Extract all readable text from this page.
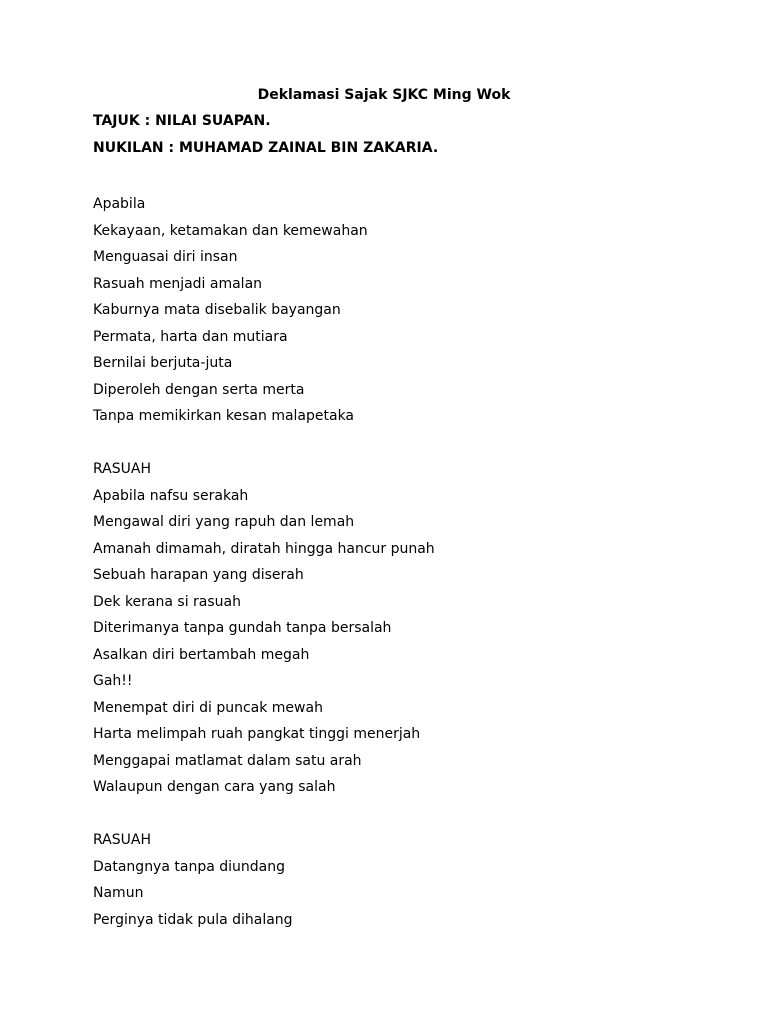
Deklamasi Sajak SJKC Ming Wok

TAJUK : NILAI SUAPAN.

NUKILAN : MUHAMAD ZAINAL BIN ZAKARIA.

Apabila
Kekayaan, ketamakan dan kemewahan
Menguasai diri insan
Rasuah menjadi amalan
Kaburnya mata disebalik bayangan
Permata, harta dan mutiara
Bernilai berjuta-juta
Diperoleh dengan serta merta
Tanpa memikirkan kesan malapetaka
RASUAH
Apabila nafsu serakah
Mengawal diri yang rapuh dan lemah
Amanah dimamah, diratah hingga hancur punah
Sebuah harapan yang diserah
Dek kerana si rasuah
Diterimanya tanpa gundah tanpa bersalah
Asalkan diri bertambah megah
Gah!!
Menempat diri di puncak mewah
Harta melimpah ruah pangkat tinggi menerjah
Menggapai matlamat dalam satu arah
Walaupun dengan cara yang salah
RASUAH
Datangnya tanpa diundang
Namun
Perginya tidak pula dihalang
